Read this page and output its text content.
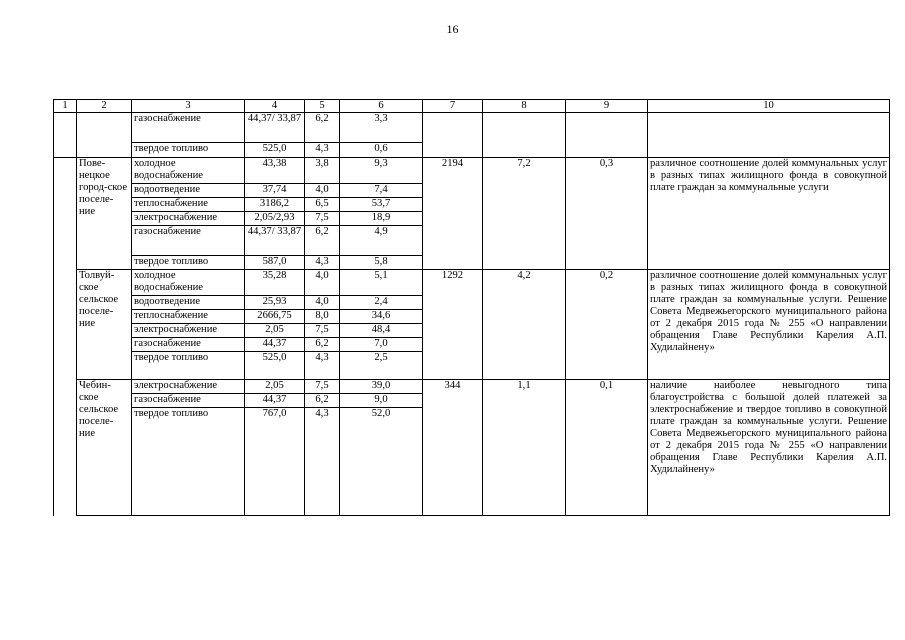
16
1	2	3	4	5	6	7	8	9	10
		газоснабжение	44,37/ 33,87	6,2	3,3				
		твердое топливо	525,0	4,3	0,6				
	Пове-нецкое город-ское поселе-ние	холодное водоснабжение	43,38	3,8	9,3	2194	7,2	0,3	различное соотношение долей коммунальных услуг в разных типах жилищного фонда в совокупной плате граждан за коммунальные услуги
		водоотведение	37,74	4,0	7,4				
		теплоснабжение	3186,2	6,5	53,7				
		электроснабжение	2,05/2,93	7,5	18,9				
		газоснабжение	44,37/ 33,87	6,2	4,9				
		твердое топливо	587,0	4,3	5,8				
	Толвуй-ское сельское поселе-ние	холодное водоснабжение	35,28	4,0	5,1	1292	4,2	0,2	различное соотношение долей коммунальных услуг в разных типах жилищного фонда в совокупной плате граждан за коммунальные услуги. Решение Совета Медвежьегорского муниципального района от 2 декабря 2015 года № 255 «О направлении обращения Главе Республики Карелия А.П. Худилайнену»
		водоотведение	25,93	4,0	2,4				
		теплоснабжение	2666,75	8,0	34,6				
		электроснабжение	2,05	7,5	48,4				
		газоснабжение	44,37	6,2	7,0				
		твердое топливо	525,0	4,3	2,5				
	Чебин-ское сельское поселе-ние	электроснабжение	2,05	7,5	39,0	344	1,1	0,1	наличие наиболее невыгодного типа благоустройства с большой долей платежей за электроснабжение и твердое топливо в совокупной плате граждан за коммунальные услуги. Решение Совета Медвежьегорского муниципального района от 2 декабря 2015 года № 255 «О направлении обращения Главе Республики Карелия А.П. Худилайнену»
		газоснабжение	44,37	6,2	9,0				
		твердое топливо	767,0	4,3	52,0				
